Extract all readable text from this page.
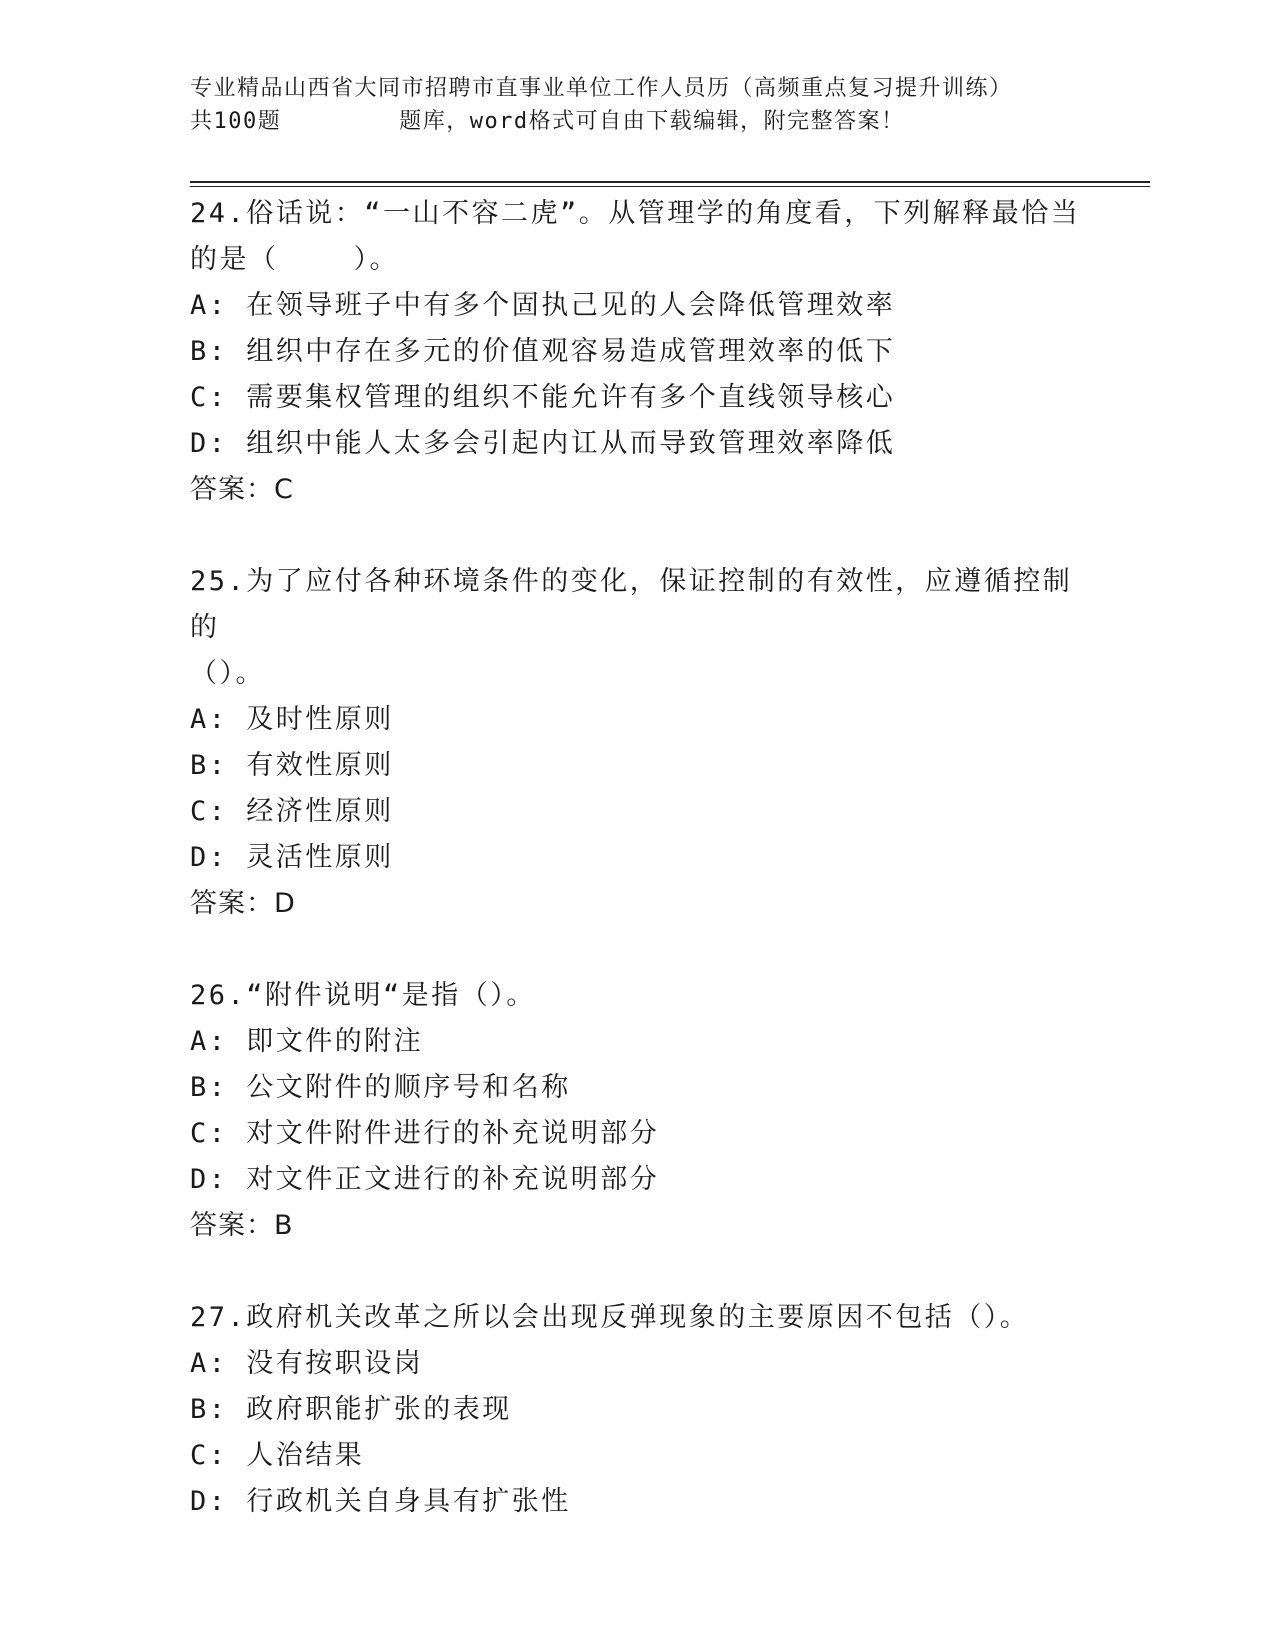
专业精品山西省大同市招聘市直事业单位工作人员历（高频重点复习提升训练）
共100题        题库，word格式可自由下载编辑，附完整答案！
24.俗话说：“一山不容二虎”。从管理学的角度看，下列解释最恰当
的是（    ）。
A: 在领导班子中有多个固执己见的人会降低管理效率
B: 组织中存在多元的价值观容易造成管理效率的低下
C: 需要集权管理的组织不能允许有多个直线领导核心
D: 组织中能人太多会引起内讧从而导致管理效率降低
答案：C
25.为了应付各种环境条件的变化，保证控制的有效性，应遵循控制的
（）。
A: 及时性原则
B: 有效性原则
C: 经济性原则
D: 灵活性原则
答案：D
26.“附件说明“是指（）。
A: 即文件的附注
B: 公文附件的顺序号和名称
C: 对文件附件进行的补充说明部分
D: 对文件正文进行的补充说明部分
答案：B
27.政府机关改革之所以会出现反弹现象的主要原因不包括（）。
A: 没有按职设岗
B: 政府职能扩张的表现
C: 人治结果
D: 行政机关自身具有扩张性
